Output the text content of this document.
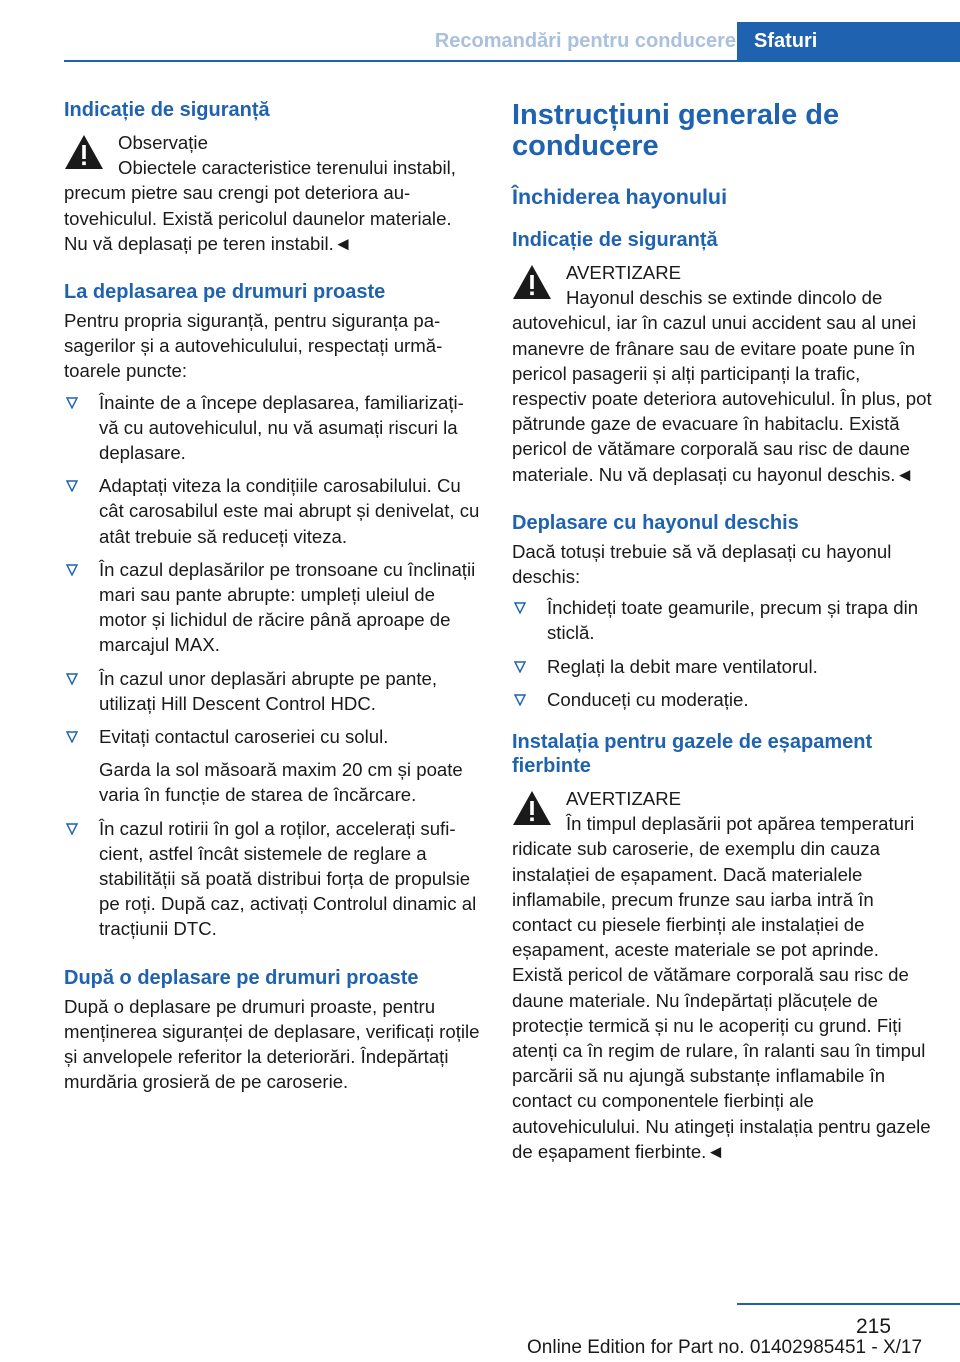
Recomandări pentru conducere Sfaturi
Indicație de siguranță

Observație

Obiectele caracteristice terenului instabil, precum pietre sau crengi pot deteriora autovehiculul. Există pericolul daunelor materiale. Nu vă deplasați pe teren instabil.◄

La deplasarea pe drumuri proaste

Pentru propria siguranță, pentru siguranța pasagerilor și a autovehiculului, respectați următoarele puncte:

Înainte de a începe deplasarea, familiarizați-vă cu autovehiculul, nu vă asumați riscuri la deplasare.
Adaptați viteza la condițiile carosabilului. Cu cât carosabilul este mai abrupt și denivelat, cu atât trebuie să reduceți viteza.
În cazul deplasărilor pe tronsoane cu înclinații mari sau pante abrupte: umpleți uleiul de motor și lichidul de răcire până aproape de marcajul MAX.
În cazul unor deplasări abrupte pe pante, utilizați Hill Descent Control HDC.
Evitați contactul caroseriei cu solul.
Garda la sol măsoară maxim 20 cm și poate varia în funcție de starea de încărcare.
În cazul rotirii în gol a roților, accelerați suficient, astfel încât sistemele de reglare a stabilității să poată distribui forța de propulsie pe roți. După caz, activați Controlul dinamic al tracțiunii DTC.
După o deplasare pe drumuri proaste

După o deplasare pe drumuri proaste, pentru menținerea siguranței de deplasare, verificați roțile și anvelopele referitor la deteriorări. Îndepărtați murdăria grosieră de pe caroserie.

Instrucțiuni generale de conducere
Închiderea hayonului
Indicație de siguranță

AVERTIZARE

Hayonul deschis se extinde dincolo de autovehicul, iar în cazul unui accident sau al unei manevre de frânare sau de evitare poate pune în pericol pasagerii și alți participanți la trafic, respectiv poate deteriora autovehiculul. În plus, pot pătrunde gaze de evacuare în habitaclu. Există pericol de vătămare corporală sau risc de daune materiale. Nu vă deplasați cu hayonul deschis.◄

Deplasare cu hayonul deschis

Dacă totuși trebuie să vă deplasați cu hayonul deschis:

Închideți toate geamurile, precum și trapa din sticlă.
Reglați la debit mare ventilatorul.
Conduceți cu moderație.
Instalația pentru gazele de eșapament fierbinte

AVERTIZARE

În timpul deplasării pot apărea temperaturi ridicate sub caroserie, de exemplu din cauza instalației de eșapament. Dacă materialele inflamabile, precum frunze sau iarba intră în contact cu piesele fierbinți ale instalației de eșapament, aceste materiale se pot aprinde. Există pericol de vătămare corporală sau risc de daune materiale. Nu îndepărtați plăcuțele de protecție termică și nu le acoperiți cu grund. Fiți atenți ca în regim de rulare, în ralanti sau în timpul parcării să nu ajungă substanțe inflamabile în contact cu componentele fierbinți ale autovehiculului. Nu atingeți instalația pentru gazele de eșapament fierbinte.◄

215
Online Edition for Part no. 01402985451 - X/17
